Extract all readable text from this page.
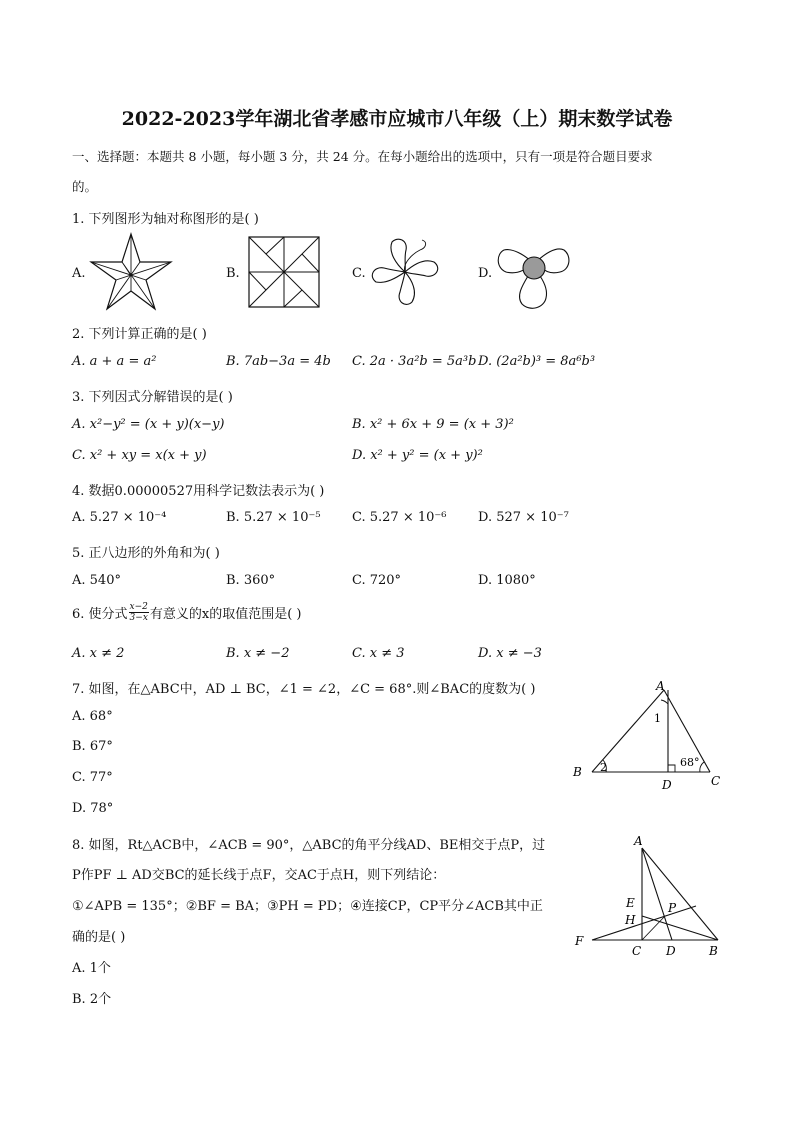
2022-2023学年湖北省孝感市应城市八年级（上）期末数学试卷
一、选择题：本题共 8 小题，每小题 3 分，共 24 分。在每小题给出的选项中，只有一项是符合题目要求
的。
1. 下列图形为轴对称图形的是( )
A.	B.	C.	D.
2. 下列计算正确的是( )
A. a + a = a²	B. 7ab−3a = 4b C. 2a · 3a²b = 5a³b D. (2a²b)³ = 8a⁶b³
3. 下列因式分解错误的是( )
A. x²−y² = (x + y)(x−y)	B. x² + 6x + 9 = (x + 3)²
C. x² + xy = x(x + y)	D. x² + y² = (x + y)²
4. 数据0.00000527用科学记数法表示为( )
A. 5.27 × 10⁻⁴	B. 5.27 × 10⁻⁵ C. 5.27 × 10⁻⁶ D. 527 × 10⁻⁷
5. 正八边形的外角和为( )
A. 540°	B. 360°	C. 720°	D. 1080°
6. 使分式 $\frac{x-2}{3-x}$ 有意义的x的取值范围是( )
A. x ≠ 2	B. x ≠ −2	C. x ≠ 3	D. x ≠ −3
7. 如图，在△ABC中，AD ⊥ BC，∠1 = ∠2，∠C = 68°.则∠BAC的度数为( )
A. 68°
B. 67°
C. 77°
D. 78°
A
B
C
D
1
2	68°
8. 如图，Rt△ACB中，∠ACB = 90°，△ABC的角平分线AD、BE相交于点P，过
P作PF ⊥ AD交BC的延长线于点F，交AC于点H，则下列结论：
①∠APB = 135°；②BF = BA；③PH = PD；④连接CP，CP平分∠ACB其中正
确的是( )
A. 1个
B. 2个
A
E
H
P
F
C D	B
